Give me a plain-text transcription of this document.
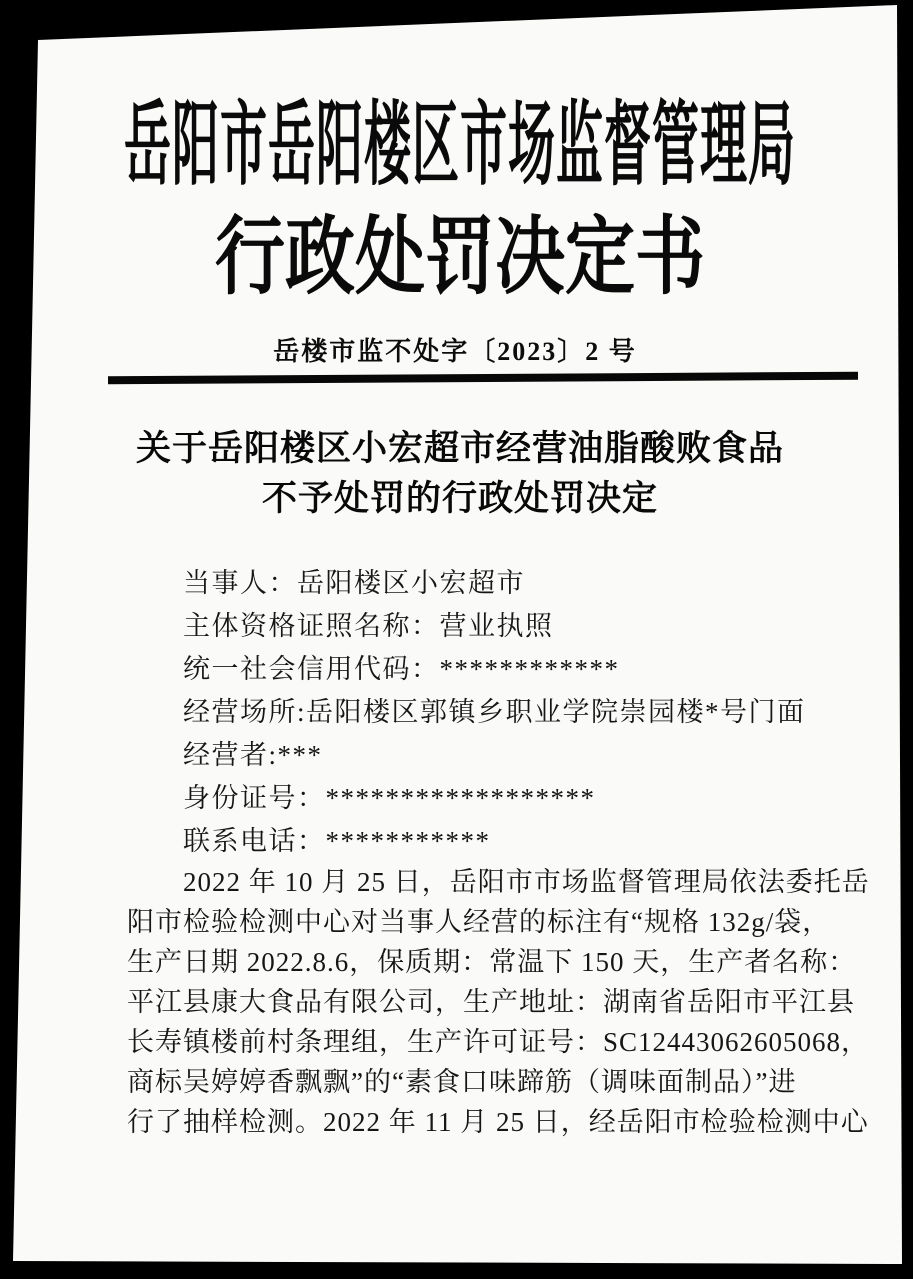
岳阳市岳阳楼区市场监督管理局
行政处罚决定书
岳楼市监不处字〔2023〕2 号
关于岳阳楼区小宏超市经营油脂酸败食品
不予处罚的行政处罚决定
当事人：岳阳楼区小宏超市
主体资格证照名称：营业执照
统一社会信用代码：************
经营场所:岳阳楼区郭镇乡职业学院崇园楼*号门面
经营者:***
身份证号：******************
联系电话：***********
2022 年 10 月 25 日，岳阳市市场监督管理局依法委托岳
阳市检验检测中心对当事人经营的标注有“规格 132g/袋，
生产日期 2022.8.6，保质期：常温下 150 天，生产者名称：
平江县康大食品有限公司，生产地址：湖南省岳阳市平江县
长寿镇楼前村条理组，生产许可证号：SC12443062605068，
商标吴婷婷香飘飘”的“素食口味蹄筋（调味面制品）”进
行了抽样检测。2022 年 11 月 25 日，经岳阳市检验检测中心
